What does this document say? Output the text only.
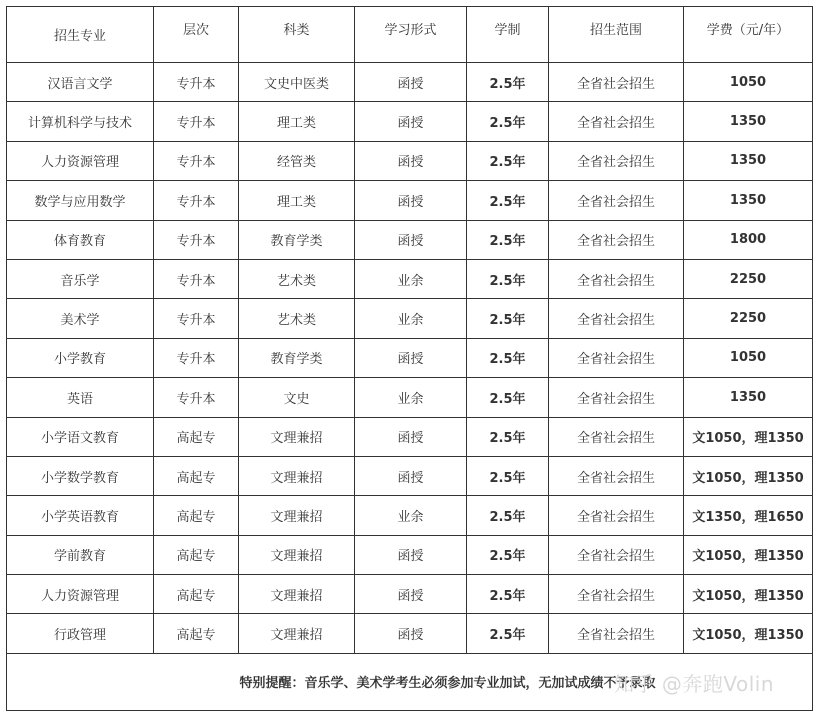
招生专业	层次	科类	学习形式	学制	招生范围	学费（元/年）
汉语言文学	专升本	文史中医类	函授	2.5年	全省社会招生	1050
计算机科学与技术	专升本	理工类	函授	2.5年	全省社会招生	1350
人力资源管理	专升本	经管类	函授	2.5年	全省社会招生	1350
数学与应用数学	专升本	理工类	函授	2.5年	全省社会招生	1350
体育教育	专升本	教育学类	函授	2.5年	全省社会招生	1800
音乐学	专升本	艺术类	业余	2.5年	全省社会招生	2250
美术学	专升本	艺术类	业余	2.5年	全省社会招生	2250
小学教育	专升本	教育学类	函授	2.5年	全省社会招生	1050
英语	专升本	文史	业余	2.5年	全省社会招生	1350
小学语文教育	高起专	文理兼招	函授	2.5年	全省社会招生	文1050，理1350
小学数学教育	高起专	文理兼招	函授	2.5年	全省社会招生	文1050，理1350
小学英语教育	高起专	文理兼招	业余	2.5年	全省社会招生	文1350，理1650
学前教育	高起专	文理兼招	函授	2.5年	全省社会招生	文1050，理1350
人力资源管理	高起专	文理兼招	函授	2.5年	全省社会招生	文1050，理1350
行政管理	高起专	文理兼招	函授	2.5年	全省社会招生	文1050，理1350
特别提醒：音乐学、美术学考生必须参加专业加试，无加试成绩不予录取						
知乎 @奔跑Volin
